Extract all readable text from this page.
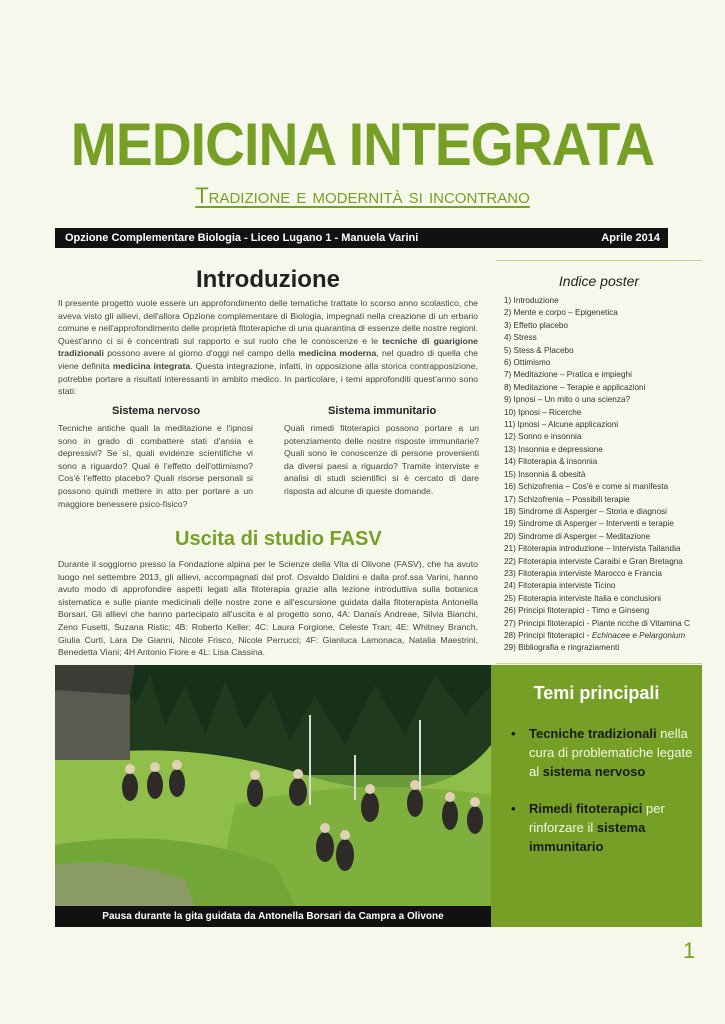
MEDICINA INTEGRATA
Tradizione e modernità si incontrano
Opzione Complementare Biologia - Liceo Lugano 1 - Manuela Varini	Aprile 2014
Introduzione

Il presente progetto vuole essere un approfondimento delle tematiche trattate lo scorso anno scolastico, che aveva visto gli allievi, dell'allora Opzione complementare di Biologia, impegnati nella creazione di un erbario comune e nell'approfondimento delle proprietà fitoterapiche di una quarantina di essenze delle nostre regioni. Quest'anno ci si è concentrati sul rapporto e sul ruolo che le conoscenze e le tecniche di guarigione tradizionali possono avere al giorno d'oggi nel campo della medicina moderna, nel quadro di quella che viene definita medicina integrata. Questa integrazione, infatti, in opposizione alla storica contrapposizione, potrebbe portare a risultati interessanti in ambito medico. In particolare, i temi approfonditi quest'anno sono stati:

Sistema nervoso

Tecniche antiche quali la meditazione e l'ipnosi sono in grado di combattere stati d'ansia e depressivi? Se sì, quali evidenze scientifiche vi sono a riguardo? Qual è l'effetto dell'ottimismo? Cos'è l'effetto placebo? Quali risorse personali si possono quindi mettere in atto per portare a un maggiore benessere psico-fisico?

Sistema immunitario

Quali rimedi fitoterapici possono portare a un potenziamento delle nostre risposte immunitarie? Quali sono le conoscenze di persone provenienti da diversi paesi a riguardo? Tramite interviste e analisi di studi scientifici si è cercato di dare risposta ad alcune di queste domande.

Uscita di studio FASV

Durante il soggiorno presso la Fondazione alpina per le Scienze della Vita di Olivone (FASV), che ha avuto luogo nel settembre 2013, gli allievi, accompagnati dal prof. Osvaldo Daldini e dalla prof.ssa Varini, hanno avuto modo di approfondire aspetti legati alla fitoterapia grazie alla lezione introduttiva sulla botanica sistematica e sulle piante medicinali delle nostre zone e all'escursione guidata dalla fitoterapista Antonella Borsari. Gli allievi che hanno partecipato all'uscita e al progetto sono, 4A: Danaïs Andreae, Silvia Bianchi, Zeno Fusetti, Suzana Ristic; 4B: Roberto Keller; 4C: Laura Forgione, Celeste Tran; 4E: Whitney Branch, Giulia Curti, Lara De Gianni, Nicole Frisco, Nicole Perrucci; 4F: Gianluca Lamonaca, Natalia Maestrini, Benedetta Viani; 4H Antonio Fiore e 4L: Lisa Cassina.

Indice poster
1) Introduzione
2) Mente e corpo – Epigenetica
3) Effetto placebo
4) Stress
5) Stess & Placebo
6) Ottimismo
7) Meditazione – Pratica e impieghi
8) Meditazione – Terapie e applicazioni
9) Ipnosi – Un mito o una scienza?
10) Ipnosi – Ricerche
11) Ipnosi – Alcune applicazioni
12) Sonno e insonnia
13) Insonnia e depressione
14) Fitoterapia & insonnia
15) Insonnia & obesità
16) Schizofrenia – Cos'è e come si manifesta
17) Schizofrenia – Possibili terapie
18) Sindrome di Asperger – Storia e diagnosi
19) Sindrome di Asperger – Interventi e terapie
20) Sindrome di Asperger – Meditazione
21) Fitoterapia introduzione – Intervista Tailandia
22) Fitoterapia interviste Caraibi e Gran Bretagna
23) Fitoterapia interviste Marocco e Francia
24) Fitoterapia interviste Ticino
25) Fitoterapia interviste Italia e conclusioni
26) Principi fitoterapici - Timo e Ginseng
27) Principi fitoterapici - Piante ricche di Vitamina C
28) Principi fitoterapici - Echinacee e Pelargonium
29) Bibliografia e ringraziamenti
Pausa durante la gita guidata da Antonella Borsari da Campra a Olivone
Temi principali
• Tecniche tradizionali nella cura di problematiche legate al sistema nervoso
• Rimedi fitoterapici per rinforzare il sistema immunitario
1
